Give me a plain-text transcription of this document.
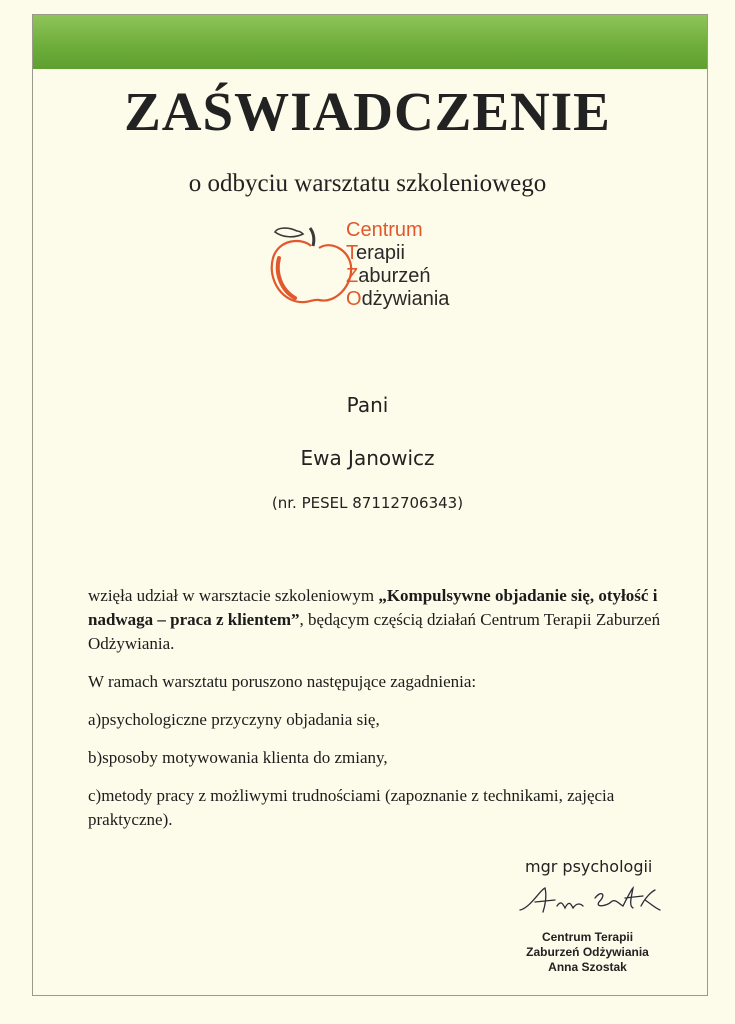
ZAŚWIADCZENIE
o odbyciu warsztatu szkoleniowego
Centrum
Terapii
Zaburzeń
Odżywiania
Pani
Ewa Janowicz
(nr. PESEL 87112706343)

wzięła udział w warsztacie szkoleniowym „Kompulsywne objadanie się, otyłość i nadwaga – praca z klientem”, będącym częścią działań Centrum Terapii Zaburzeń Odżywiania.

W ramach warsztatu poruszono następujące zagadnienia:

a)psychologiczne przyczyny objadania się,

b)sposoby motywowania klienta do zmiany,

c)metody pracy z możliwymi trudnościami (zapoznanie z technikami, zajęcia praktyczne).

mgr psychologii
Centrum Terapii
Zaburzeń Odżywiania
Anna Szostak
